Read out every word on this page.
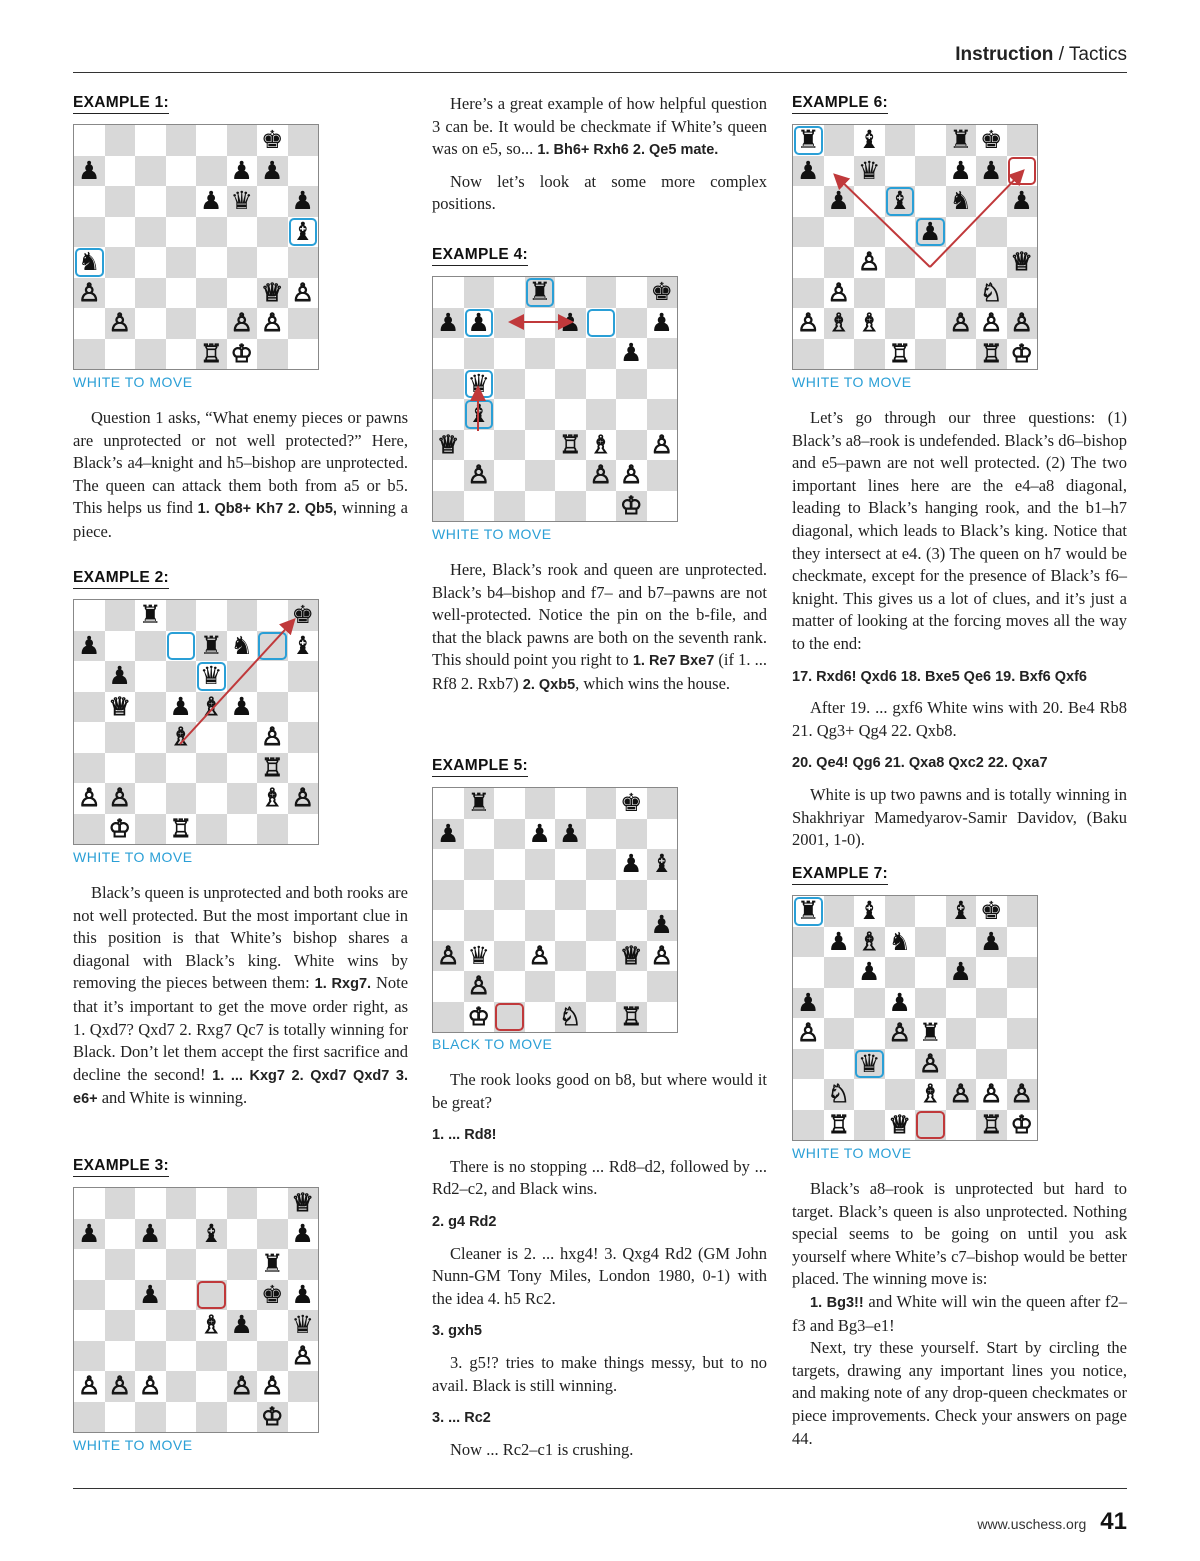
Instruction / Tactics
EXAMPLE 1:
♚
♟	♟ ♟
♟ ♛ ♟
♝
♞
♙	♕ ♙
♙	♙ ♙
♖ ♔
WHITE TO MOVE

Question 1 asks, “What enemy pieces or pawns are unprotected or not well protected?” Here, Black’s a4–knight and h5–bishop are unprotected. The queen can attack them both from a5 or b5. This helps us find 1. Qb8+ Kh7 2. Qb5, winning a piece.

EXAMPLE 2:
♜	♚
♟	♜ ♞ ♝
♟	♛
♕ ♟ ♗ ♟
♗	♙
♖
♙ ♙	♗ ♙
♔ ♖
WHITE TO MOVE

Black’s queen is unprotected and both rooks are not well protected. But the most important clue in this position is that White’s bishop shares a diagonal with Black’s king. White wins by removing the pieces between them: 1. Rxg7. Note that it’s important to get the move order right, as 1. Qxd7? Qxd7 2. Rxg7 Qc7 is totally winning for Black. Don’t let them accept the first sacrifice and decline the second! 1. ... Kxg7 2. Qxd7 Qxd7 3. e6+ and White is winning.

EXAMPLE 3:
♕
♟ ♟ ♝	♟
♜
♟	♚ ♟
♗ ♟ ♛
♙
♙ ♙ ♙	♙ ♙
♔
WHITE TO MOVE

Here’s a great example of how helpful question 3 can be. It would be checkmate if White’s queen was on e5, so... 1. Bh6+ Rxh6 2. Qe5 mate.

Now let’s look at some more complex positions.

EXAMPLE 4:
♜	♚
♟ ♟	♟	♟
♟
♛
♝
♕	♖ ♗ ♙
♙	♙ ♙
♔
WHITE TO MOVE

Here, Black’s rook and queen are unprotected. Black’s b4–bishop and f7– and b7–pawns are not well-protected. Notice the pin on the b-file, and that the black pawns are both on the seventh rank. This should point you right to 1. Re7 Bxe7 (if 1. ... Rf8 2. Rxb7) 2. Qxb5, which wins the house.

EXAMPLE 5:
♜	♚
♟	♟ ♟
♟ ♝
♟
♙ ♛ ♙	♕ ♙
♙
♔	♘ ♖
BLACK TO MOVE

The rook looks good on b8, but where would it be great?

1. ... Rd8!

There is no stopping ... Rd8–d2, followed by ... Rd2–c2, and Black wins.

2. g4 Rd2

Cleaner is 2. ... hxg4! 3. Qxg4 Rd2 (GM John Nunn-GM Tony Miles, London 1980, 0-1) with the idea 4. h5 Rc2.

3. gxh5

3. g5!? tries to make things messy, but to no avail. Black is still winning.

3. ... Rc2

Now ... Rc2–c1 is crushing.

EXAMPLE 6:
♜ ♝	♜ ♚
♟ ♛	♟ ♟
♟ ♝ ♞ ♟
♟
♙	♕
♙	♘
♙ ♗ ♗	♙ ♙ ♙
♖	♖ ♔
WHITE TO MOVE

Let’s go through our three questions: (1) Black’s a8–rook is undefended. Black’s d6–bishop and e5–pawn are not well protected. (2) The two important lines here are the e4–a8 diagonal, leading to Black’s hanging rook, and the b1–h7 diagonal, which leads to Black’s king. Notice that they intersect at e4. (3) The queen on h7 would be checkmate, except for the presence of Black’s f6–knight. This gives us a lot of clues, and it’s just a matter of looking at the forcing moves all the way to the end:

17. Rxd6! Qxd6 18. Bxe5 Qe6 19. Bxf6 Qxf6

After 19. ... gxf6 White wins with 20. Be4 Rb8 21. Qg3+ Qg4 22. Qxb8.

20. Qe4! Qg6 21. Qxa8 Qxc2 22. Qxa7

White is up two pawns and is totally winning in Shakhriyar Mamedyarov-Samir Davidov, (Baku 2001, 1-0).

EXAMPLE 7:
♜ ♝	♝ ♚
♟ ♗ ♞	♟
♟	♟
♟	♟
♙	♙ ♜
♛ ♙
♘	♗ ♙ ♙ ♙
♖ ♕	♖ ♔
WHITE TO MOVE

Black’s a8–rook is unprotected but hard to target. Black’s queen is also unprotected. Nothing special seems to be going on until you ask yourself where White’s c7–bishop would be better placed. The winning move is:

1. Bg3!! and White will win the queen after f2–f3 and Bg3–e1!

Next, try these yourself. Start by circling the targets, drawing any important lines you notice, and making note of any drop-queen checkmates or piece improvements. Check your answers on page 44.

www.uschess.org 41
